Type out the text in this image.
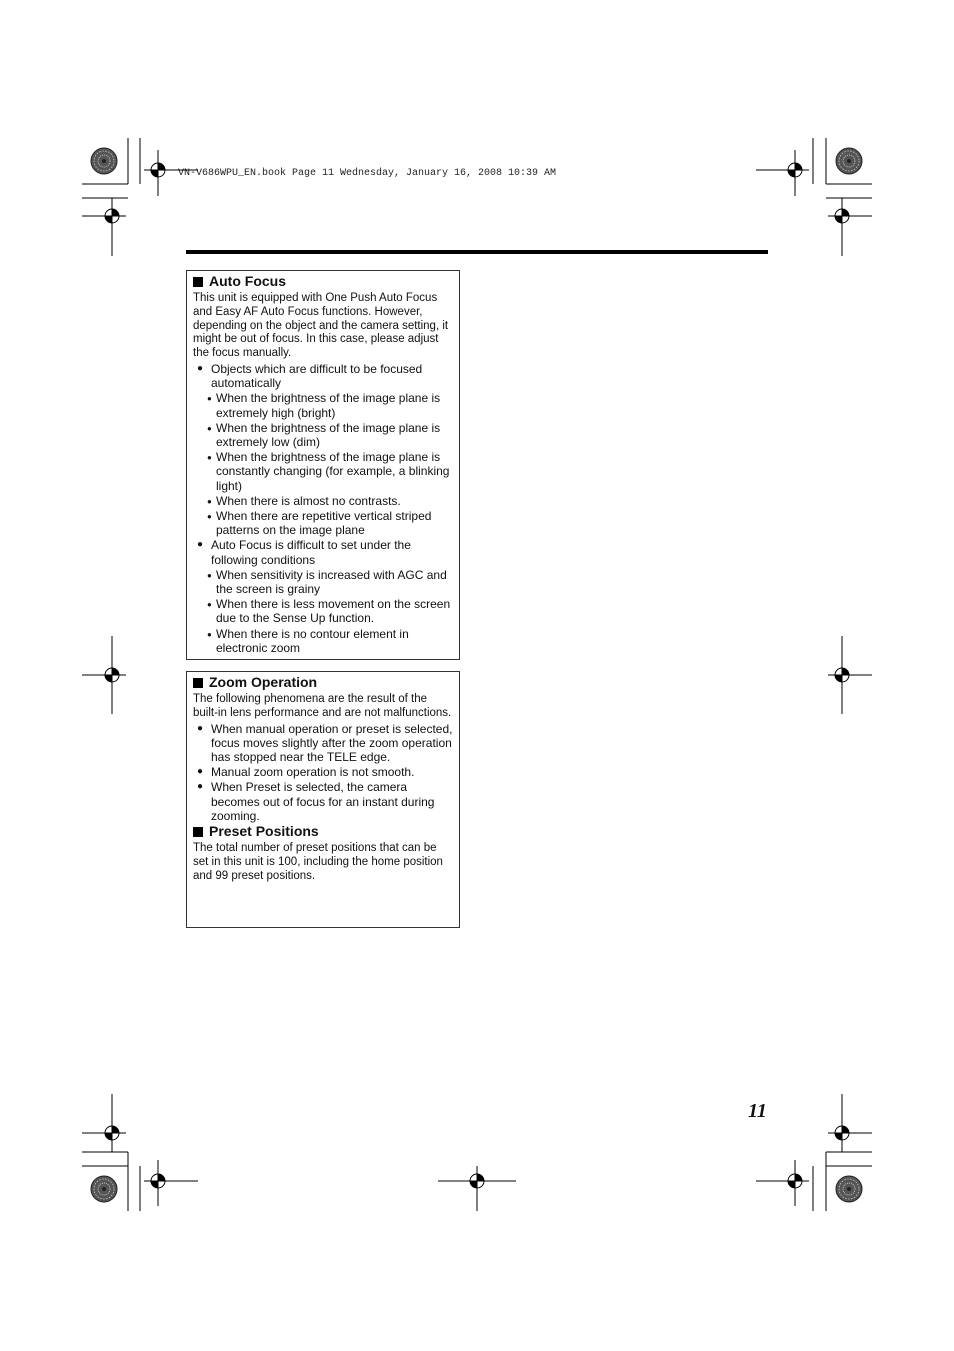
VN-V686WPU_EN.book Page 11 Wednesday, January 16, 2008 10:39 AM
Auto Focus

This unit is equipped with One Push Auto Focus and Easy AF Auto Focus functions. However, depending on the object and the camera setting, it might be out of focus. In this case, please adjust the focus manually.

● Objects which are difficult to be focused automatically
● When the brightness of the image plane is extremely high (bright)
● When the brightness of the image plane is extremely low (dim)
● When the brightness of the image plane is constantly changing (for example, a blinking light)
● When there is almost no contrasts.
● When there are repetitive vertical striped patterns on the image plane
● Auto Focus is difficult to set under the following conditions
● When sensitivity is increased with AGC and the screen is grainy
● When there is less movement on the screen due to the Sense Up function.
● When there is no contour element in electronic zoom
Zoom Operation

The following phenomena are the result of the built-in lens performance and are not malfunctions.

● When manual operation or preset is selected, focus moves slightly after the zoom operation has stopped near the TELE edge.
● Manual zoom operation is not smooth.
● When Preset is selected, the camera becomes out of focus for an instant during zooming.
Preset Positions

The total number of preset positions that can be set in this unit is 100, including the home position and 99 preset positions.

11
